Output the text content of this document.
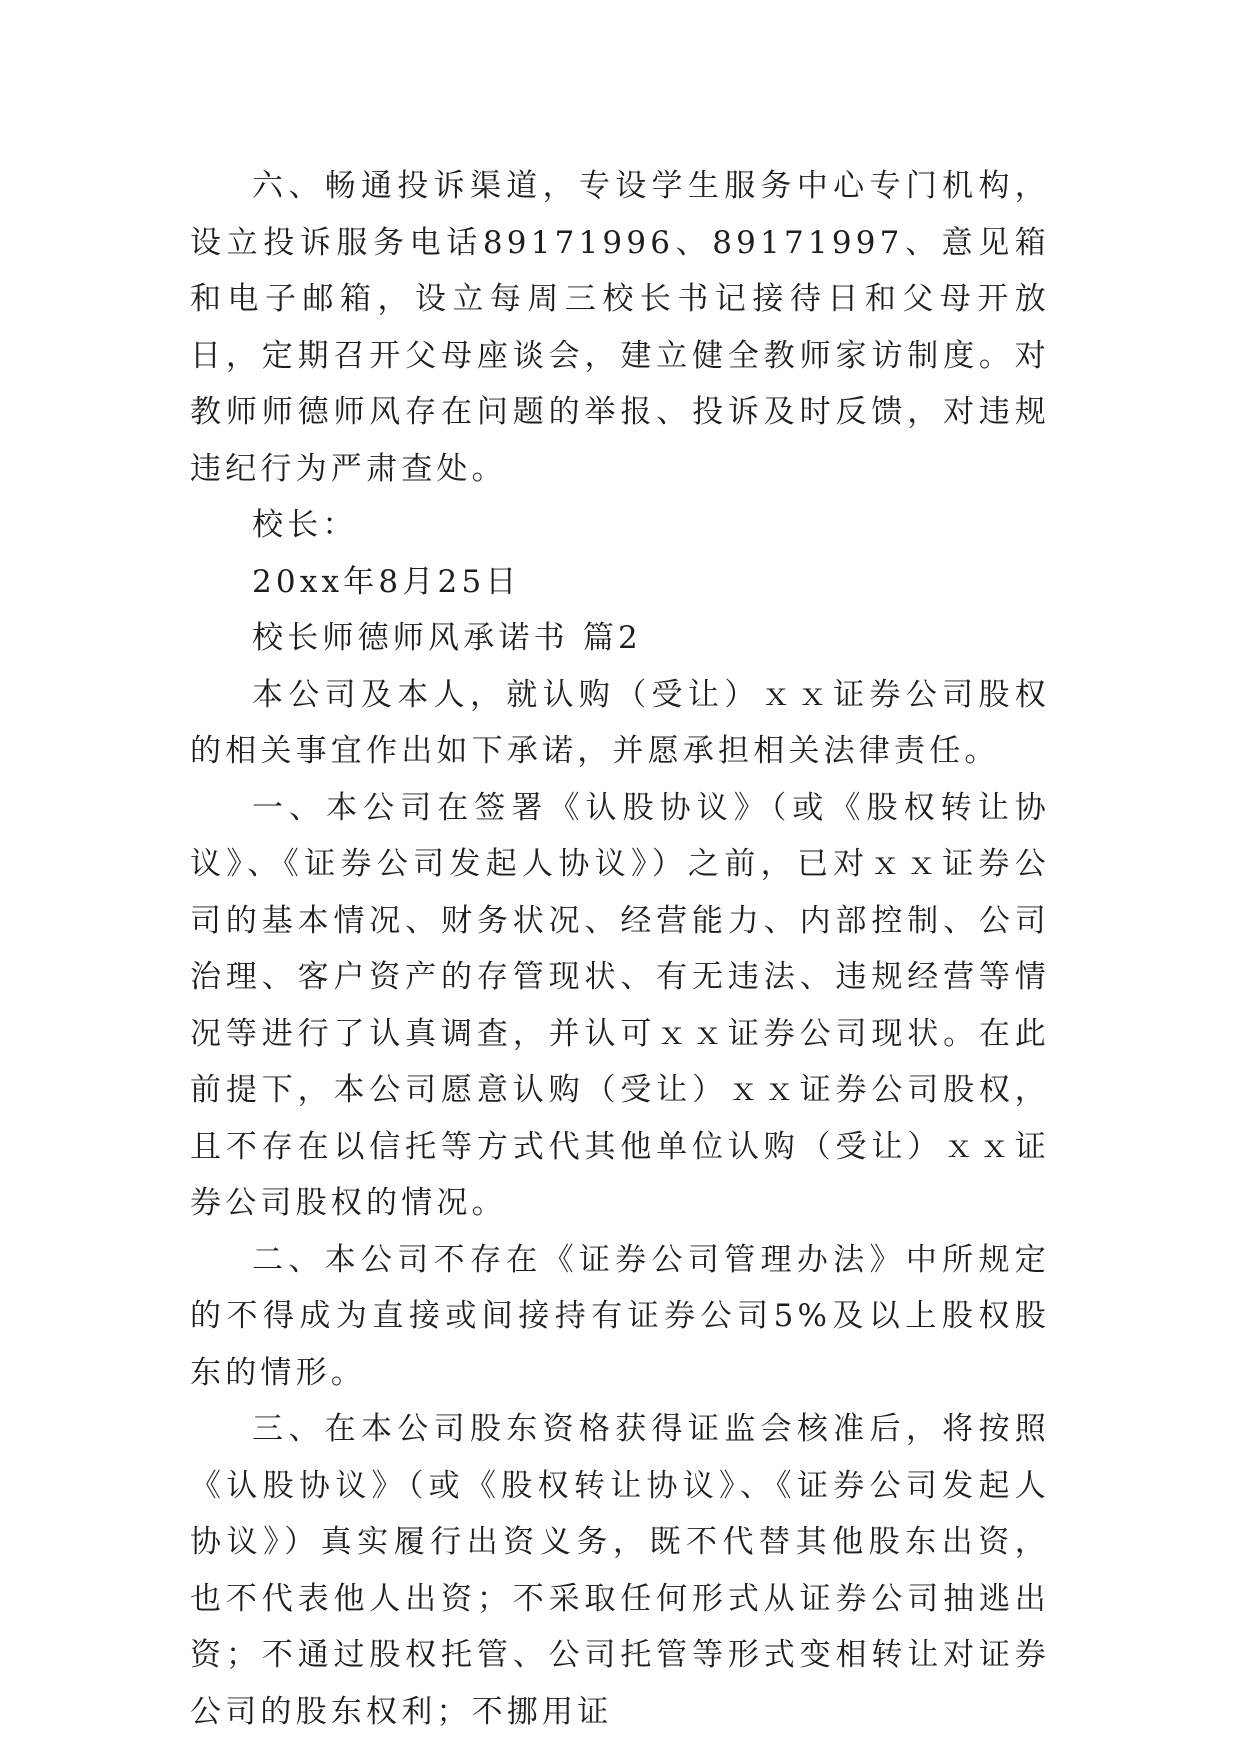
六、畅通投诉渠道，专设学生服务中心专门机构，设立投诉服务电话89171996、89171997、意见箱和电子邮箱，设立每周三校长书记接待日和父母开放日，定期召开父母座谈会，建立健全教师家访制度。对教师师德师风存在问题的举报、投诉及时反馈，对违规违纪行为严肃查处。

校长：

20xx年8月25日

校长师德师风承诺书 篇2

本公司及本人，就认购（受让）ｘｘ证券公司股权的相关事宜作出如下承诺，并愿承担相关法律责任。

一、本公司在签署《认股协议》（或《股权转让协议》、《证券公司发起人协议》）之前，已对ｘｘ证券公司的基本情况、财务状况、经营能力、内部控制、公司治理、客户资产的存管现状、有无违法、违规经营等情况等进行了认真调查，并认可ｘｘ证券公司现状。在此前提下，本公司愿意认购（受让）ｘｘ证券公司股权，且不存在以信托等方式代其他单位认购（受让）ｘｘ证券公司股权的情况。

二、本公司不存在《证券公司管理办法》中所规定的不得成为直接或间接持有证券公司5%及以上股权股东的情形。

三、在本公司股东资格获得证监会核准后，将按照《认股协议》（或《股权转让协议》、《证券公司发起人协议》）真实履行出资义务，既不代替其他股东出资，也不代表他人出资；不采取任何形式从证券公司抽逃出资；不通过股权托管、公司托管等形式变相转让对证券公司的股东权利；不挪用证
